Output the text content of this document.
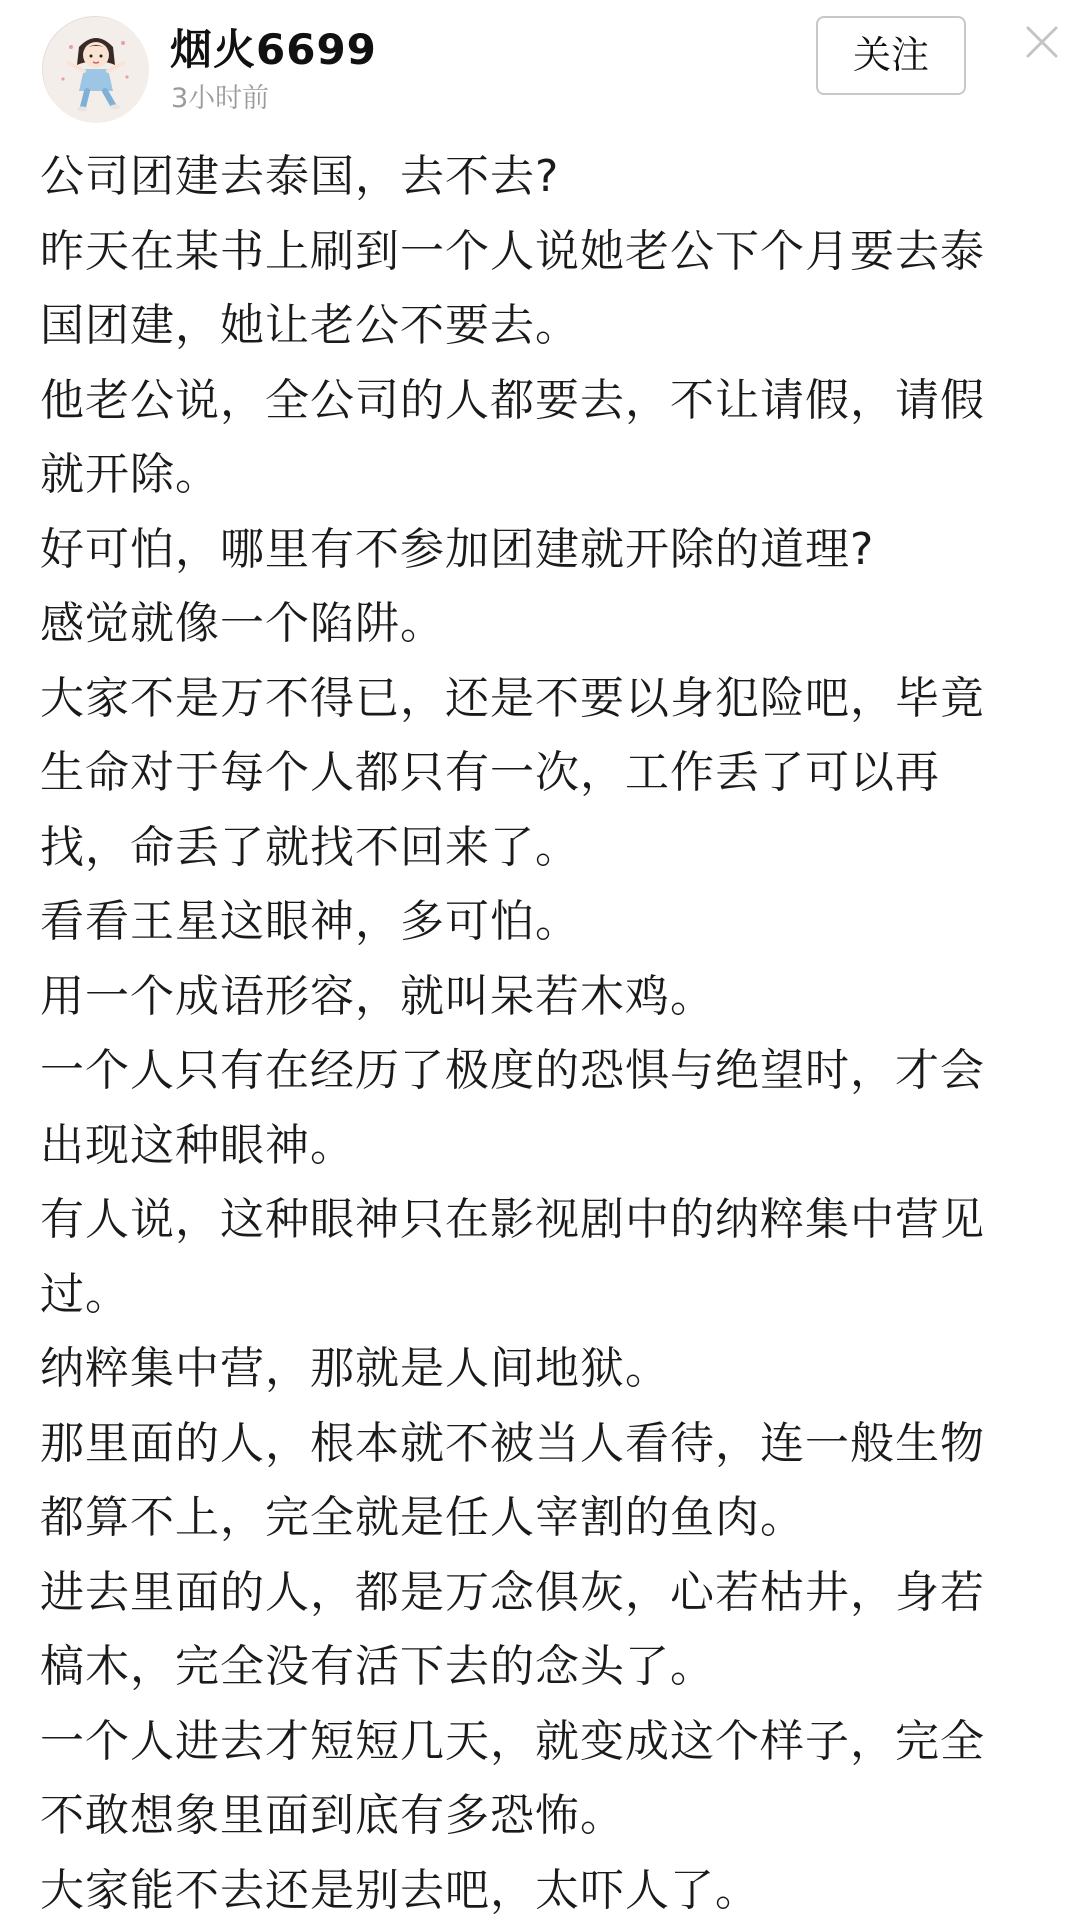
烟火6699
3小时前
关注
公司团建去泰国，去不去?
昨天在某书上刷到一个人说她老公下个月要去泰
国团建，她让老公不要去。
他老公说，全公司的人都要去，不让请假，请假
就开除。
好可怕，哪里有不参加团建就开除的道理?
感觉就像一个陷阱。
大家不是万不得已，还是不要以身犯险吧，毕竟
生命对于每个人都只有一次，工作丢了可以再
找，命丢了就找不回来了。
看看王星这眼神，多可怕。
用一个成语形容，就叫呆若木鸡。
一个人只有在经历了极度的恐惧与绝望时，才会
出现这种眼神。
有人说，这种眼神只在影视剧中的纳粹集中营见
过。
纳粹集中营，那就是人间地狱。
那里面的人，根本就不被当人看待，连一般生物
都算不上，完全就是任人宰割的鱼肉。
进去里面的人，都是万念俱灰，心若枯井，身若
槁木，完全没有活下去的念头了。
一个人进去才短短几天，就变成这个样子，完全
不敢想象里面到底有多恐怖。
大家能不去还是别去吧，太吓人了。
